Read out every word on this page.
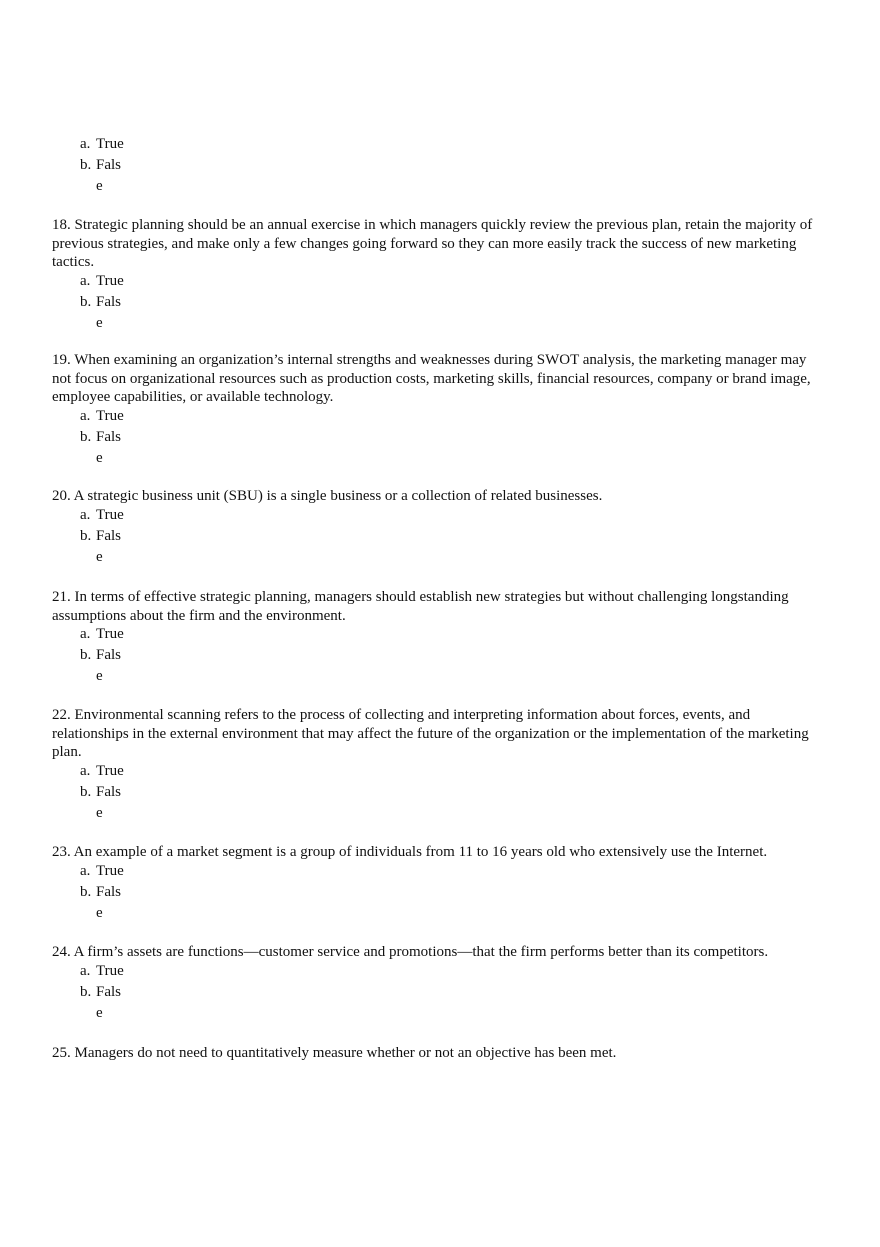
a. True
b. Fals
e

18. Strategic planning should be an annual exercise in which managers quickly review the previous plan, retain the majority of previous strategies, and make only a few changes going forward so they can more easily track the success of new marketing tactics.

a. True
b. Fals
e

19. When examining an organization’s internal strengths and weaknesses during SWOT analysis, the marketing manager may not focus on organizational resources such as production costs, marketing skills, financial resources, company or brand image, employee capabilities, or available technology.

a. True
b. Fals
e

20. A strategic business unit (SBU) is a single business or a collection of related businesses.

a. True
b. Fals
e

21. In terms of effective strategic planning, managers should establish new strategies but without challenging longstanding assumptions about the firm and the environment.

a. True
b. Fals
e

22. Environmental scanning refers to the process of collecting and interpreting information about forces, events, and relationships in the external environment that may affect the future of the organization or the implementation of the marketing plan.

a. True
b. Fals
e

23. An example of a market segment is a group of individuals from 11 to 16 years old who extensively use the Internet.

a. True
b. Fals
e

24. A firm’s assets are functions—customer service and promotions—that the firm performs better than its competitors.

a. True
b. Fals
e

25. Managers do not need to quantitatively measure whether or not an objective has been met.
